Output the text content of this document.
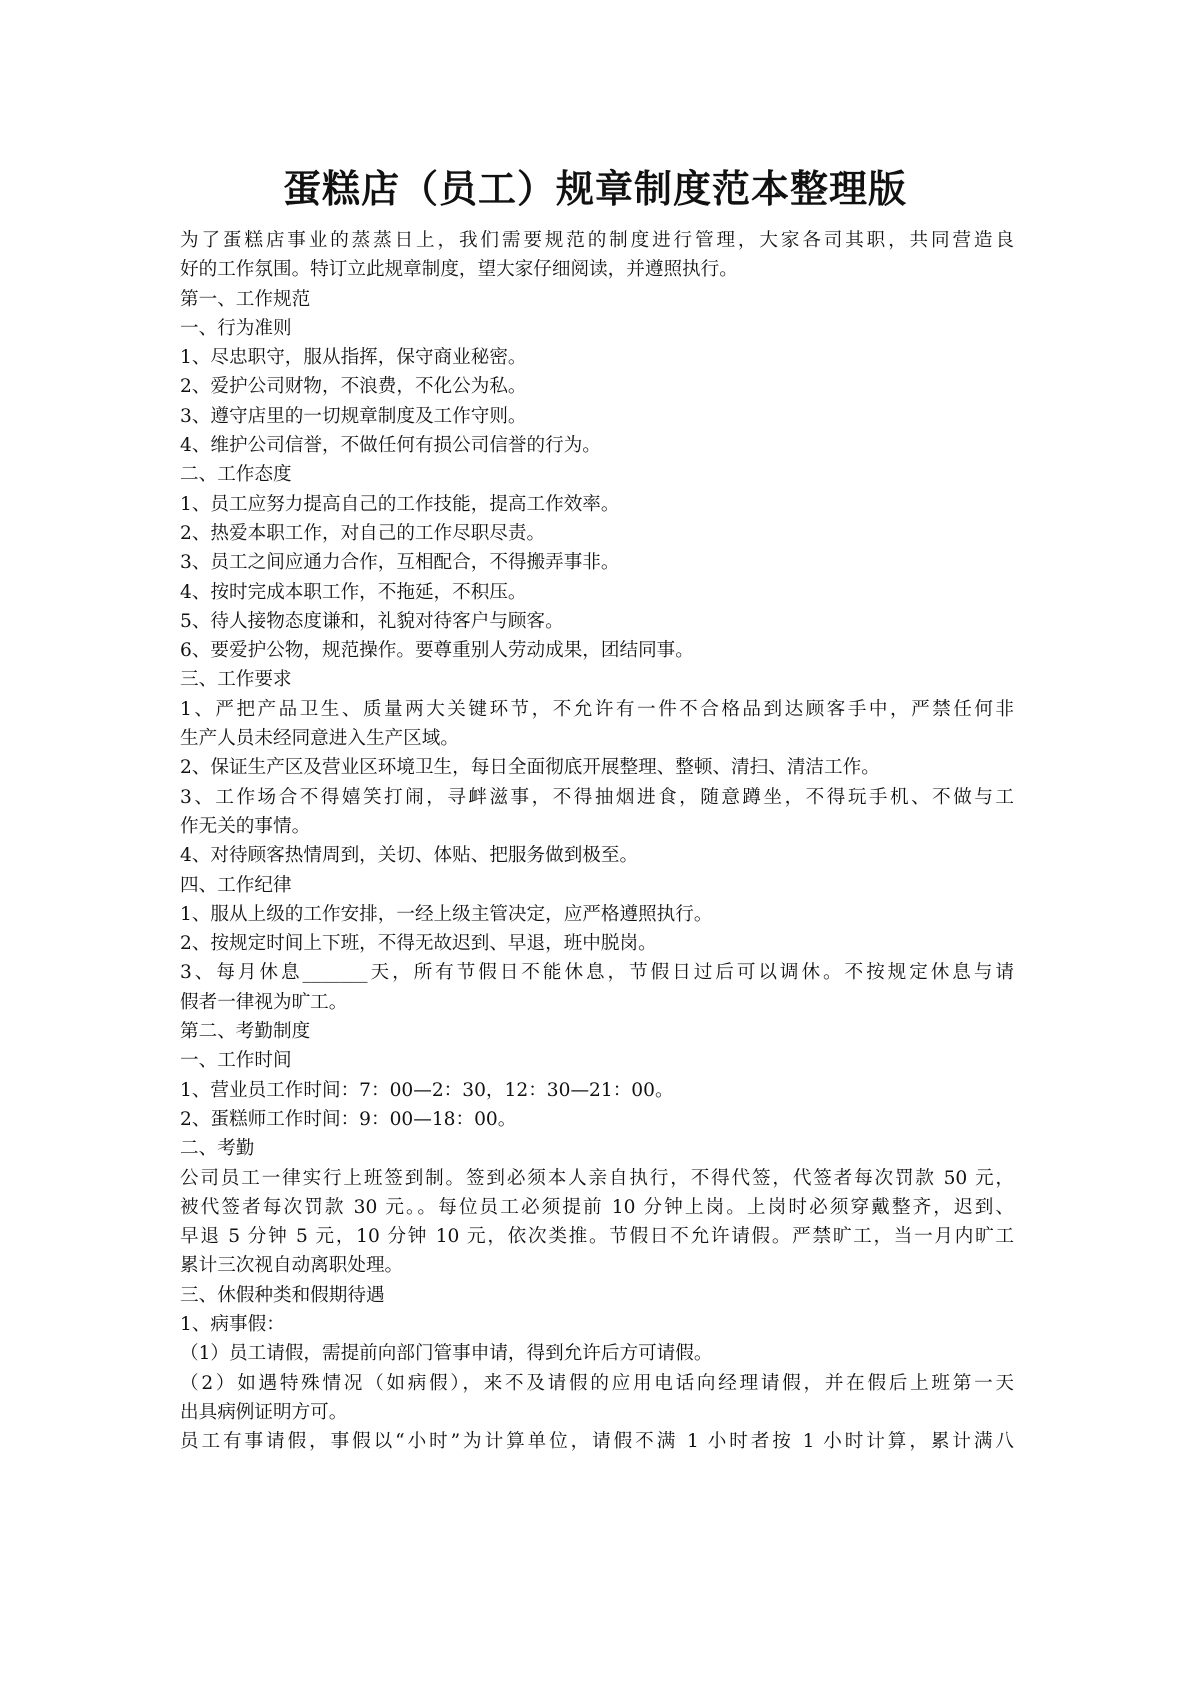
蛋糕店（员工）规章制度范本整理版

为了蛋糕店事业的蒸蒸日上，我们需要规范的制度进行管理，大家各司其职，共同营造良

好的工作氛围。特订立此规章制度，望大家仔细阅读，并遵照执行。

第一、工作规范

一、行为准则

1、尽忠职守，服从指挥，保守商业秘密。

2、爱护公司财物，不浪费，不化公为私。

3、遵守店里的一切规章制度及工作守则。

4、维护公司信誉，不做任何有损公司信誉的行为。

二、工作态度

1、员工应努力提高自己的工作技能，提高工作效率。

2、热爱本职工作，对自己的工作尽职尽责。

3、员工之间应通力合作，互相配合，不得搬弄事非。

4、按时完成本职工作，不拖延，不积压。

5、待人接物态度谦和，礼貌对待客户与顾客。

6、要爱护公物，规范操作。要尊重别人劳动成果，团结同事。

三、工作要求

1、严把产品卫生、质量两大关键环节，不允许有一件不合格品到达顾客手中，严禁任何非

生产人员未经同意进入生产区域。

2、保证生产区及营业区环境卫生，每日全面彻底开展整理、整顿、清扫、清洁工作。

3、工作场合不得嬉笑打闹，寻衅滋事，不得抽烟进食，随意蹲坐，不得玩手机、不做与工

作无关的事情。

4、对待顾客热情周到，关切、体贴、把服务做到极至。

四、工作纪律

1、服从上级的工作安排，一经上级主管决定，应严格遵照执行。

2、按规定时间上下班，不得无故迟到、早退，班中脱岗。

3、每月休息_______天，所有节假日不能休息，节假日过后可以调休。不按规定休息与请

假者一律视为旷工。

第二、考勤制度

一、工作时间

1、营业员工作时间：7：00—2：30，12：30—21：00。

2、蛋糕师工作时间：9：00—18：00。

二、考勤

公司员工一律实行上班签到制。签到必须本人亲自执行，不得代签，代签者每次罚款 50 元，

被代签者每次罚款 30 元。。每位员工必须提前 10 分钟上岗。上岗时必须穿戴整齐，迟到、

早退 5 分钟 5 元，10 分钟 10 元，依次类推。节假日不允许请假。严禁旷工，当一月内旷工

累计三次视自动离职处理。

三、休假种类和假期待遇

1、病事假：

（1）员工请假，需提前向部门管事申请，得到允许后方可请假。

（2）如遇特殊情况（如病假），来不及请假的应用电话向经理请假，并在假后上班第一天

出具病例证明方可。

员工有事请假，事假以“小时”为计算单位，请假不满 1 小时者按 1 小时计算，累计满八
